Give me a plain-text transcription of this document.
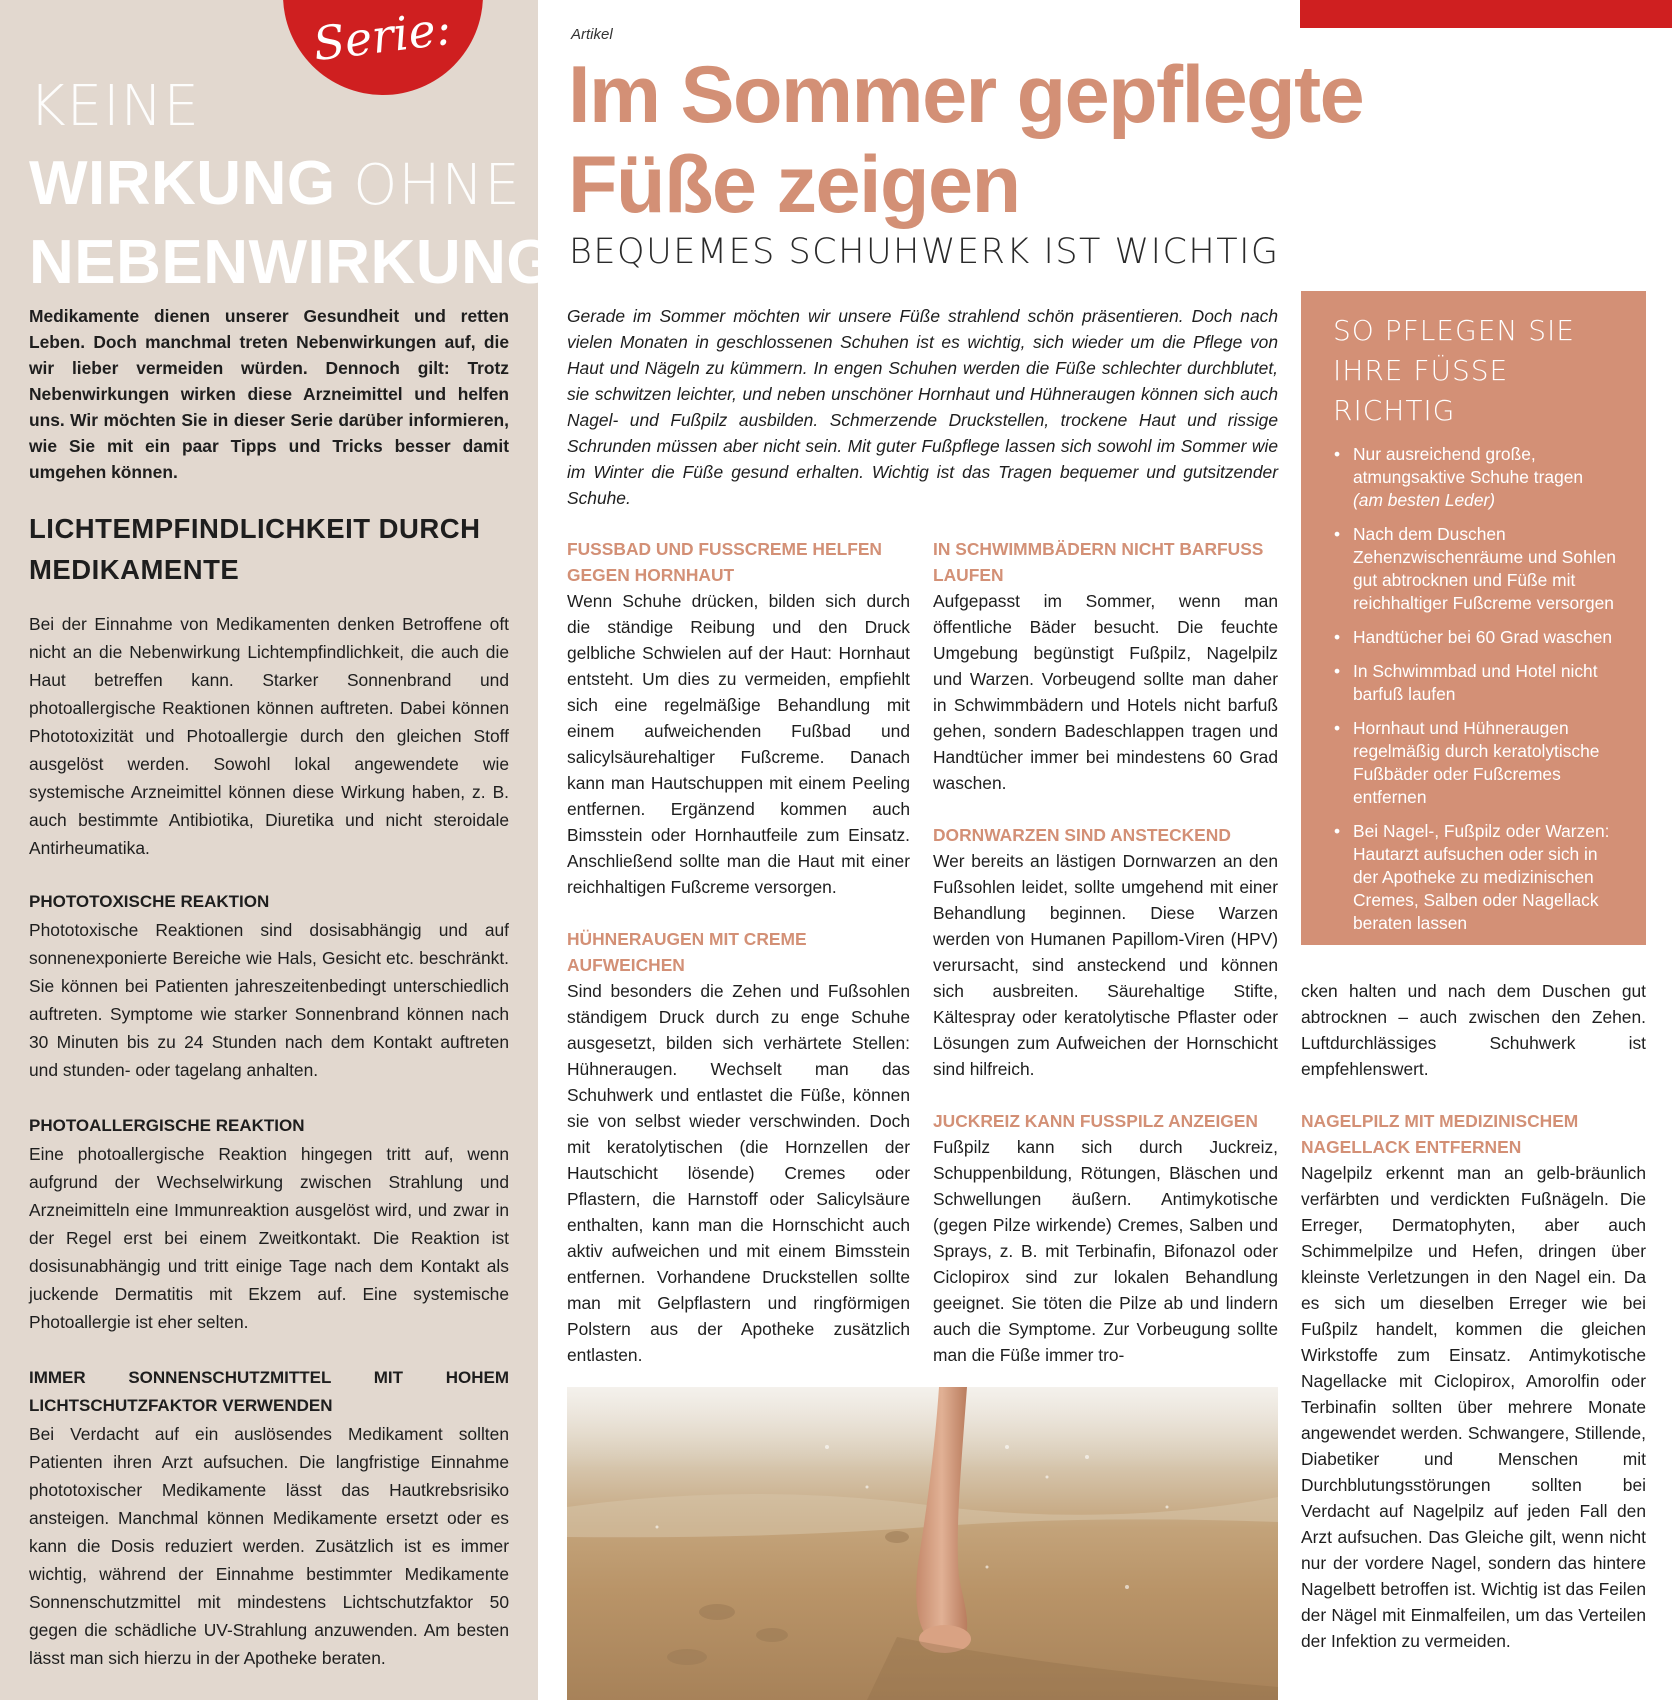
Serie:
KEINE
WIRKUNG OHNE
NEBENWIRKUNG

Medikamente dienen unserer Gesundheit und retten Leben. Doch manchmal treten Nebenwirkungen auf, die wir lieber vermeiden würden. Dennoch gilt: Trotz Nebenwirkungen wirken diese Arzneimittel und helfen uns. Wir möchten Sie in dieser Serie darüber informieren, wie Sie mit ein paar Tipps und Tricks besser damit umgehen können.

LICHTEMPFINDLICHKEIT DURCH MEDIKAMENTE

Bei der Einnahme von Medikamenten denken Betroffene oft nicht an die Nebenwirkung Lichtempfindlichkeit, die auch die Haut betreffen kann. Starker Sonnenbrand und photoallergische Reaktionen können auftreten. Dabei können Phototoxizität und Photoallergie durch den gleichen Stoff ausgelöst werden. Sowohl lokal angewendete wie systemische Arzneimittel können diese Wirkung haben, z. B. auch bestimmte Antibiotika, Diuretika und nicht steroidale Antirheumatika.

PHOTOTOXISCHE REAKTION

Phototoxische Reaktionen sind dosisabhängig und auf sonnenexponierte Bereiche wie Hals, Gesicht etc. beschränkt. Sie können bei Patienten jahreszeitenbedingt unterschiedlich auftreten. Symptome wie starker Sonnenbrand können nach 30 Minuten bis zu 24 Stunden nach dem Kontakt auftreten und stunden- oder tagelang anhalten.

PHOTOALLERGISCHE REAKTION

Eine photoallergische Reaktion hingegen tritt auf, wenn aufgrund der Wechselwirkung zwischen Strahlung und Arzneimitteln eine Immunreaktion ausgelöst wird, und zwar in der Regel erst bei einem Zweitkontakt. Die Reaktion ist dosisunabhängig und tritt einige Tage nach dem Kontakt als juckende Dermatitis mit Ekzem auf. Eine systemische Photoallergie ist eher selten.

IMMER SONNENSCHUTZMITTEL MIT HOHEM LICHTSCHUTZFAKTOR VERWENDEN

Bei Verdacht auf ein auslösendes Medikament sollten Patienten ihren Arzt aufsuchen. Die langfristige Einnahme phototoxischer Medikamente lässt das Hautkrebsrisiko ansteigen. Manchmal können Medikamente ersetzt oder es kann die Dosis reduziert werden. Zusätzlich ist es immer wichtig, während der Einnahme bestimmter Medikamente Sonnenschutzmittel mit mindestens Lichtschutzfaktor 50 gegen die schädliche UV-Strahlung anzuwenden. Am besten lässt man sich hierzu in der Apotheke beraten.

Artikel
Im Sommer gepflegte
Füße zeigen
BEQUEMES SCHUHWERK IST WICHTIG

Gerade im Sommer möchten wir unsere Füße strahlend schön präsentieren. Doch nach vielen Monaten in geschlossenen Schuhen ist es wichtig, sich wieder um die Pflege von Haut und Nägeln zu kümmern. In engen Schuhen werden die Füße schlechter durchblutet, sie schwitzen leichter, und neben unschöner Hornhaut und Hühneraugen können sich auch Nagel- und Fußpilz ausbilden. Schmerzende Druckstellen, trockene Haut und rissige Schrunden müssen aber nicht sein. Mit guter Fußpflege lassen sich sowohl im Sommer wie im Winter die Füße gesund erhalten. Wichtig ist das Tragen bequemer und gutsitzender Schuhe.

FUSSBAD UND FUSSCREME HELFEN GEGEN HORNHAUT

Wenn Schuhe drücken, bilden sich durch die ständige Reibung und den Druck gelbliche Schwielen auf der Haut: Hornhaut entsteht. Um dies zu vermeiden, empfiehlt sich eine regelmäßige Behandlung mit einem aufweichenden Fußbad und salicylsäurehaltiger Fußcreme. Danach kann man Hautschuppen mit einem Peeling entfernen. Ergänzend kommen auch Bimsstein oder Hornhautfeile zum Einsatz. Anschließend sollte man die Haut mit einer reichhaltigen Fußcreme versorgen.

HÜHNERAUGEN MIT CREME AUFWEICHEN

Sind besonders die Zehen und Fußsohlen ständigem Druck durch zu enge Schuhe ausgesetzt, bilden sich verhärtete Stellen: Hühneraugen. Wechselt man das Schuhwerk und entlastet die Füße, können sie von selbst wieder verschwinden. Doch mit keratolytischen (die Hornzellen der Hautschicht lösende) Cremes oder Pflastern, die Harnstoff oder Salicylsäure enthalten, kann man die Hornschicht auch aktiv aufweichen und mit einem Bimsstein entfernen. Vorhandene Druckstellen sollte man mit Gelpflastern und ringförmigen Polstern aus der Apotheke zusätzlich entlasten.

IN SCHWIMMBÄDERN NICHT BARFUSS LAUFEN

Aufgepasst im Sommer, wenn man öffentliche Bäder besucht. Die feuchte Umgebung begünstigt Fußpilz, Nagelpilz und Warzen. Vorbeugend sollte man daher in Schwimmbädern und Hotels nicht barfuß gehen, sondern Badeschlappen tragen und Handtücher immer bei mindestens 60 Grad waschen.

DORNWARZEN SIND ANSTECKEND

Wer bereits an lästigen Dornwarzen an den Fußsohlen leidet, sollte umgehend mit einer Behandlung beginnen. Diese Warzen werden von Humanen Papillom-Viren (HPV) verursacht, sind ansteckend und können sich ausbreiten. Säurehaltige Stifte, Kältespray oder keratolytische Pflaster oder Lösungen zum Aufweichen der Hornschicht sind hilfreich.

JUCKREIZ KANN FUSSPILZ ANZEIGEN

Fußpilz kann sich durch Juckreiz, Schuppenbildung, Rötungen, Bläschen und Schwellungen äußern. Antimykotische (gegen Pilze wirkende) Cremes, Salben und Sprays, z. B. mit Terbinafin, Bifonazol oder Ciclopirox sind zur lokalen Behandlung geeignet. Sie töten die Pilze ab und lindern auch die Symptome. Zur Vorbeugung sollte man die Füße immer tro-

SO PFLEGEN SIE
IHRE FÜSSE RICHTIG
• Nur ausreichend große, atmungsaktive Schuhe tragen
(am besten Leder)
• Nach dem Duschen Zehenzwischenräume und Sohlen gut abtrocknen und Füße mit reichhaltiger Fußcreme versorgen
• Handtücher bei 60 Grad waschen
• In Schwimmbad und Hotel nicht barfuß laufen
• Hornhaut und Hühneraugen regelmäßig durch keratolytische Fußbäder oder Fußcremes entfernen
• Bei Nagel-, Fußpilz oder Warzen: Hautarzt aufsuchen oder sich in der Apotheke zu medizinischen Cremes, Salben oder Nagellack beraten lassen

cken halten und nach dem Duschen gut abtrocknen – auch zwischen den Zehen. Luftdurchlässiges Schuhwerk ist empfehlenswert.

NAGELPILZ MIT MEDIZINISCHEM NAGELLACK ENTFERNEN

Nagelpilz erkennt man an gelb-bräunlich verfärbten und verdickten Fußnägeln. Die Erreger, Dermatophyten, aber auch Schimmelpilze und Hefen, dringen über kleinste Verletzungen in den Nagel ein. Da es sich um dieselben Erreger wie bei Fußpilz handelt, kommen die gleichen Wirkstoffe zum Einsatz. Antimykotische Nagellacke mit Ciclopirox, Amorolfin oder Terbinafin sollten über mehrere Monate angewendet werden. Schwangere, Stillende, Diabetiker und Menschen mit Durchblutungsstörungen sollten bei Verdacht auf Nagelpilz auf jeden Fall den Arzt aufsuchen. Das Gleiche gilt, wenn nicht nur der vordere Nagel, sondern das hintere Nagelbett betroffen ist. Wichtig ist das Feilen der Nägel mit Einmalfeilen, um das Verteilen der Infektion zu vermeiden.
